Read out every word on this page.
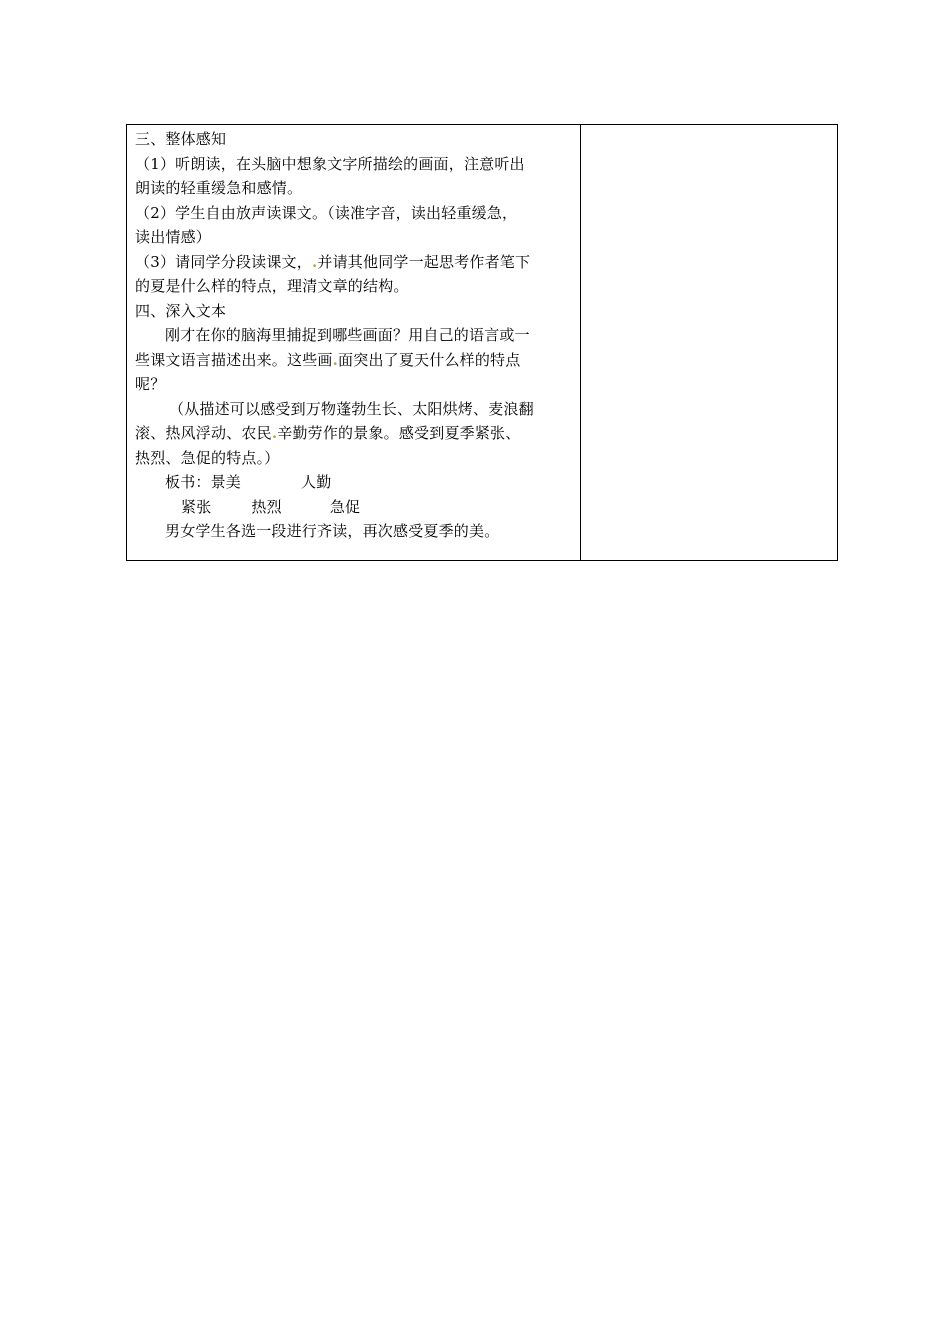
三、整体感知
（1）听朗读，在头脑中想象文字所描绘的画面，注意听出
朗读的轻重缓急和感情。
（2）学生自由放声读课文。（读准字音，读出轻重缓急，
读出情感）
（3）请同学分段读课文，.并请其他同学一起思考作者笔下
的夏是什么样的特点，理清文章的结构。
四、深入文本
刚才在你的脑海里捕捉到哪些画面？用自己的语言或一
些课文语言描述出来。这些画.面突出了夏天什么样的特点
呢？
（从描述可以感受到万物蓬勃生长、太阳烘烤、麦浪翻
滚、热风浮动、农民.辛勤劳作的景象。感受到夏季紧张、
热烈、急促的特点。）
板书：景美	人勤
紧张	热烈	急促
男女学生各选一段进行齐读，再次感受夏季的美。
